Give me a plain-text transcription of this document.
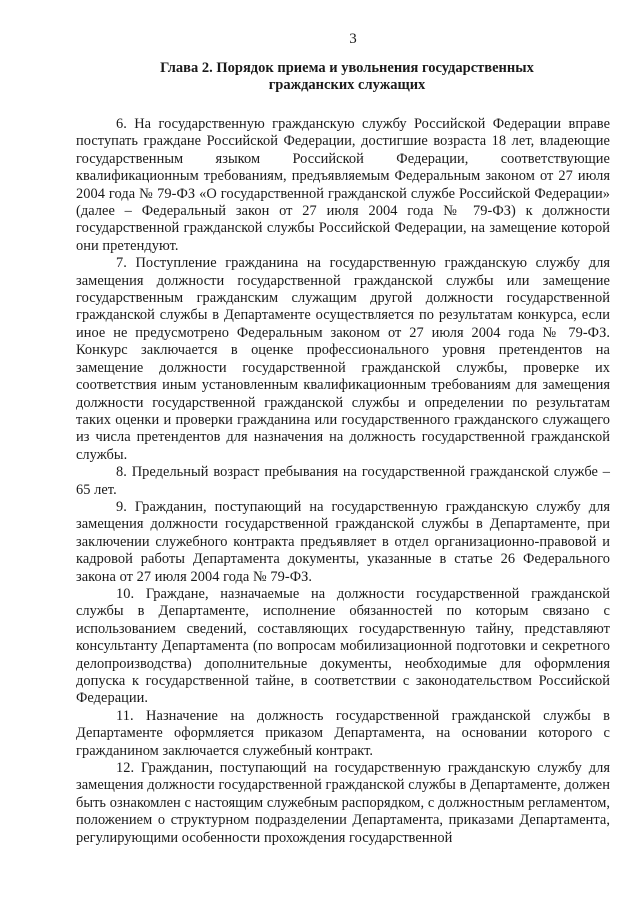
3
Глава 2. Порядок приема и увольнения государственных
гражданских служащих

6. На государственную гражданскую службу Российской Федерации вправе поступать граждане Российской Федерации, достигшие возраста 18 лет, владеющие государственным языком Российской Федерации, соответствующие квалификационным требованиям, предъявляемым Федеральным законом от 27 июля 2004 года № 79-ФЗ «О государственной гражданской службе Российской Федерации» (далее – Федеральный закон от 27 июля 2004 года № 79-ФЗ) к должности государственной гражданской службы Российской Федерации, на замещение которой они претендуют.

7. Поступление гражданина на государственную гражданскую службу для замещения должности государственной гражданской службы или замещение государственным гражданским служащим другой должности государственной гражданской службы в Департаменте осуществляется по результатам конкурса, если иное не предусмотрено Федеральным законом от 27 июля 2004 года № 79-ФЗ. Конкурс заключается в оценке профессионального уровня претендентов на замещение должности государственной гражданской службы, проверке их соответствия иным установленным квалификационным требованиям для замещения должности государственной гражданской службы и определении по результатам таких оценки и проверки гражданина или государственного гражданского служащего из числа претендентов для назначения на должность государственной гражданской службы.

8. Предельный возраст пребывания на государственной гражданской службе – 65 лет.

9. Гражданин, поступающий на государственную гражданскую службу для замещения должности государственной гражданской службы в Департаменте, при заключении служебного контракта предъявляет в отдел организационно-правовой и кадровой работы Департамента документы, указанные в статье 26 Федерального закона от 27 июля 2004 года № 79-ФЗ.

10. Граждане, назначаемые на должности государственной гражданской службы в Департаменте, исполнение обязанностей по которым связано с использованием сведений, составляющих государственную тайну, представляют консультанту Департамента (по вопросам мобилизационной подготовки и секретного делопроизводства) дополнительные документы, необходимые для оформления допуска к государственной тайне, в соответствии с законодательством Российской Федерации.

11. Назначение на должность государственной гражданской службы в Департаменте оформляется приказом Департамента, на основании которого с гражданином заключается служебный контракт.

12. Гражданин, поступающий на государственную гражданскую службу для замещения должности государственной гражданской службы в Департаменте, должен быть ознакомлен с настоящим служебным распорядком, с должностным регламентом, положением о структурном подразделении Департамента, приказами Департамента, регулирующими особенности прохождения государственной
